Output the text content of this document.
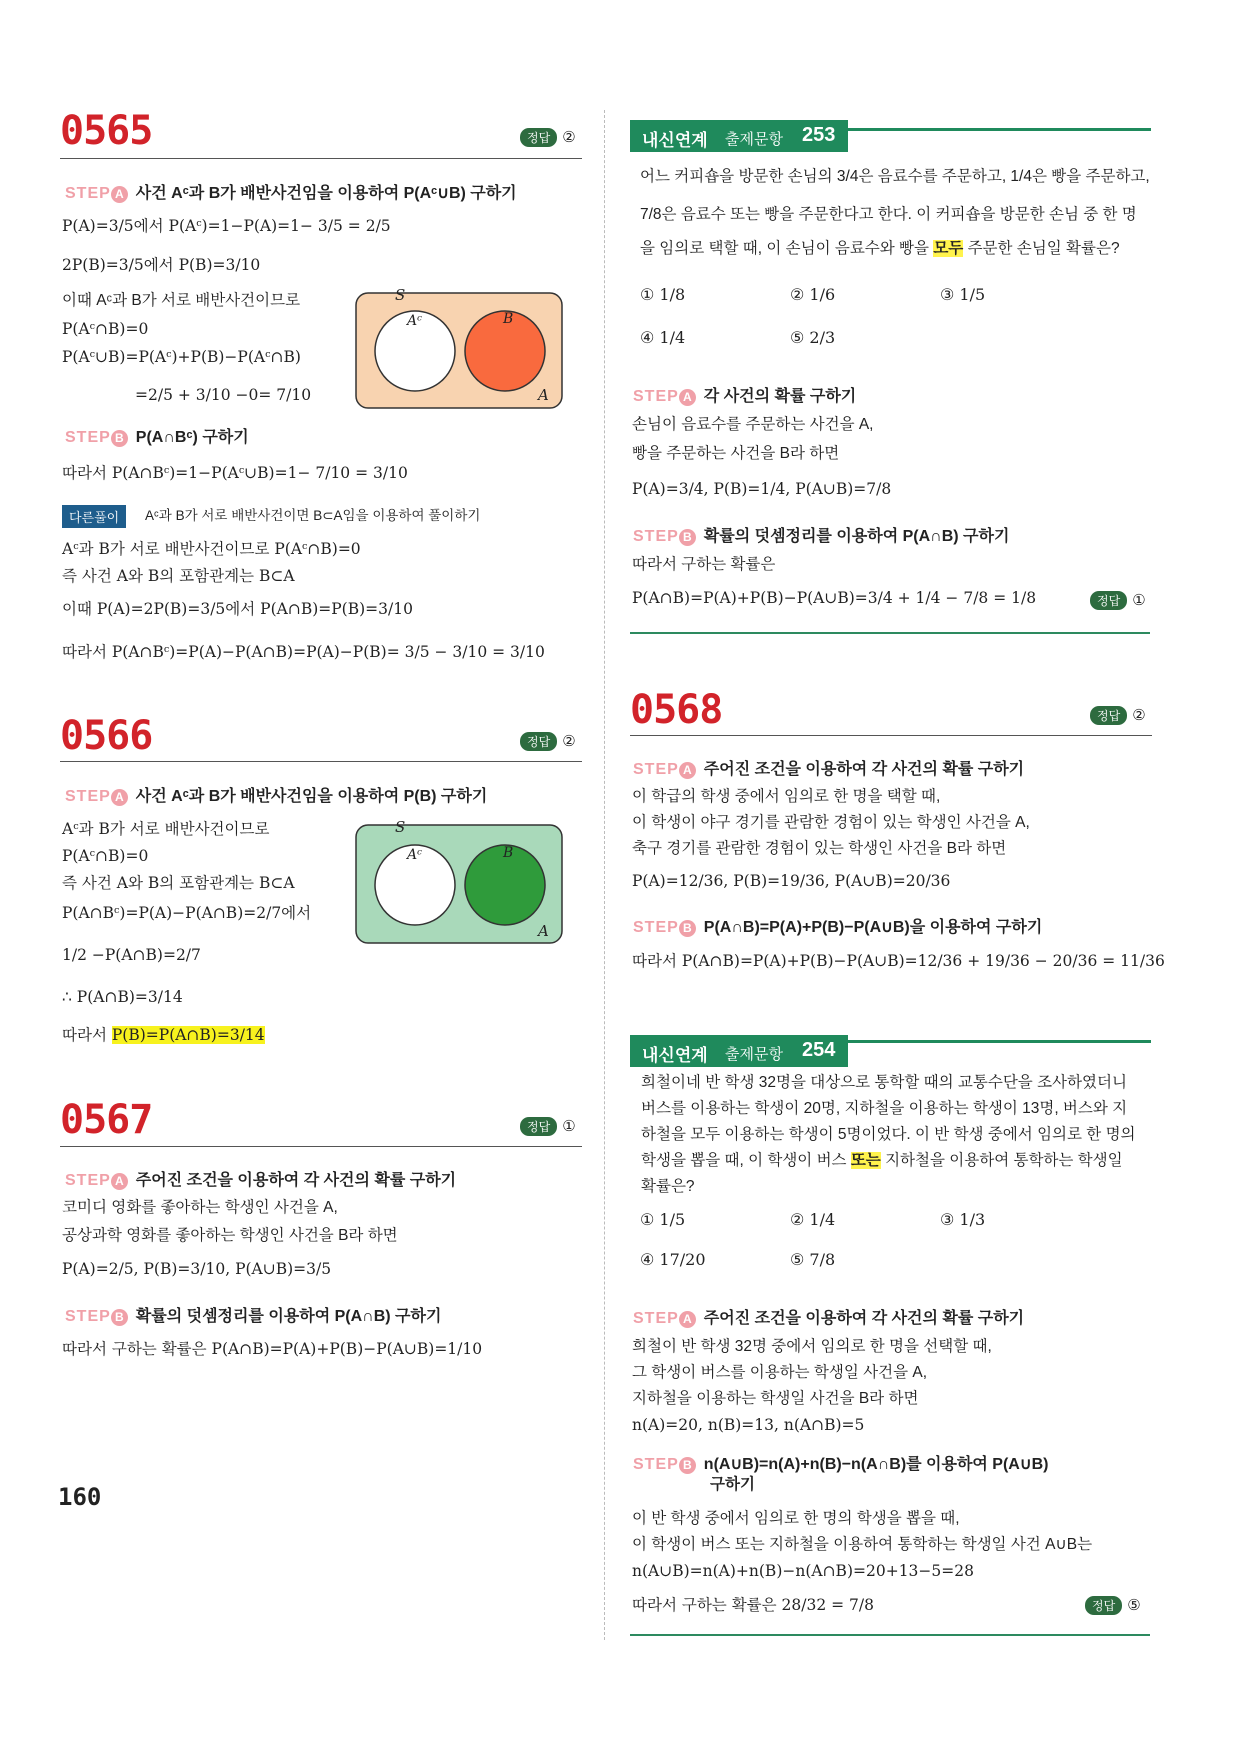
0565	정답 ②
STEP A 사건 Aᶜ과 B가 배반사건임을 이용하여 P(Aᶜ∪B) 구하기
P(A)=3/5에서 P(Aᶜ)=1−P(A)=1− 3/5 = 2/5
2P(B)=3/5에서 P(B)=3/10
이때 Aᶜ과 B가 서로 배반사건이므로
P(Aᶜ∩B)=0
P(Aᶜ∪B)=P(Aᶜ)+P(B)−P(Aᶜ∩B)
=2/5 + 3/10 −0= 7/10
S
Aᶜ	B
A
STEP B P(A∩Bᶜ) 구하기
따라서 P(A∩Bᶜ)=1−P(Aᶜ∪B)=1− 7/10 = 3/10
다른풀이	Aᶜ과 B가 서로 배반사건이면 B⊂A임을 이용하여 풀이하기
Aᶜ과 B가 서로 배반사건이므로 P(Aᶜ∩B)=0
즉 사건 A와 B의 포함관계는 B⊂A
이때 P(A)=2P(B)=3/5에서 P(A∩B)=P(B)=3/10
따라서 P(A∩Bᶜ)=P(A)−P(A∩B)=P(A)−P(B)= 3/5 − 3/10 = 3/10
0566	정답 ②
STEP A 사건 Aᶜ과 B가 배반사건임을 이용하여 P(B) 구하기
Aᶜ과 B가 서로 배반사건이므로
P(Aᶜ∩B)=0
즉 사건 A와 B의 포함관계는 B⊂A
P(A∩Bᶜ)=P(A)−P(A∩B)=2/7에서
1/2 −P(A∩B)=2/7
∴ P(A∩B)=3/14
따라서 P(B)=P(A∩B)=3/14
S
Aᶜ	B
A
0567	정답 ①
STEP A 주어진 조건을 이용하여 각 사건의 확률 구하기
코미디 영화를 좋아하는 학생인 사건을 A,
공상과학 영화를 좋아하는 학생인 사건을 B라 하면
P(A)=2/5, P(B)=3/10, P(A∪B)=3/5
STEP B 확률의 덧셈정리를 이용하여 P(A∩B) 구하기
따라서 구하는 확률은 P(A∩B)=P(A)+P(B)−P(A∪B)=1/10
160
내신연계 출제문항 253
어느 커피숍을 방문한 손님의 3/4은 음료수를 주문하고, 1/4은 빵을 주문하고,
7/8은 음료수 또는 빵을 주문한다고 한다. 이 커피숍을 방문한 손님 중 한 명
을 임의로 택할 때, 이 손님이 음료수와 빵을 모두 주문한 손님일 확률은?
① 1/8	② 1/6	③ 1/5
④ 1/4	⑤ 2/3
STEP A 각 사건의 확률 구하기
손님이 음료수를 주문하는 사건을 A,
빵을 주문하는 사건을 B라 하면
P(A)=3/4, P(B)=1/4, P(A∪B)=7/8
STEP B 확률의 덧셈정리를 이용하여 P(A∩B) 구하기
따라서 구하는 확률은
P(A∩B)=P(A)+P(B)−P(A∪B)=3/4 + 1/4 − 7/8 = 1/8	정답 ①
0568	정답 ②
STEP A 주어진 조건을 이용하여 각 사건의 확률 구하기
이 학급의 학생 중에서 임의로 한 명을 택할 때,
이 학생이 야구 경기를 관람한 경험이 있는 학생인 사건을 A,
축구 경기를 관람한 경험이 있는 학생인 사건을 B라 하면
P(A)=12/36, P(B)=19/36, P(A∪B)=20/36
STEP B P(A∩B)=P(A)+P(B)−P(A∪B)을 이용하여 구하기
따라서 P(A∩B)=P(A)+P(B)−P(A∪B)=12/36 + 19/36 − 20/36 = 11/36
내신연계 출제문항 254
희철이네 반 학생 32명을 대상으로 통학할 때의 교통수단을 조사하였더니
버스를 이용하는 학생이 20명, 지하철을 이용하는 학생이 13명, 버스와 지
하철을 모두 이용하는 학생이 5명이었다. 이 반 학생 중에서 임의로 한 명의
학생을 뽑을 때, 이 학생이 버스 또는 지하철을 이용하여 통학하는 학생일
확률은?
① 1/5	② 1/4	③ 1/3
④ 17/20	⑤ 7/8
STEP A 주어진 조건을 이용하여 각 사건의 확률 구하기
희철이 반 학생 32명 중에서 임의로 한 명을 선택할 때,
그 학생이 버스를 이용하는 학생일 사건을 A,
지하철을 이용하는 학생일 사건을 B라 하면
n(A)=20, n(B)=13, n(A∩B)=5
STEP B n(A∪B)=n(A)+n(B)−n(A∩B)를 이용하여 P(A∪B)
구하기
이 반 학생 중에서 임의로 한 명의 학생을 뽑을 때,
이 학생이 버스 또는 지하철을 이용하여 통학하는 학생일 사건 A∪B는
n(A∪B)=n(A)+n(B)−n(A∩B)=20+13−5=28
따라서 구하는 확률은 28/32 = 7/8	정답 ⑤
